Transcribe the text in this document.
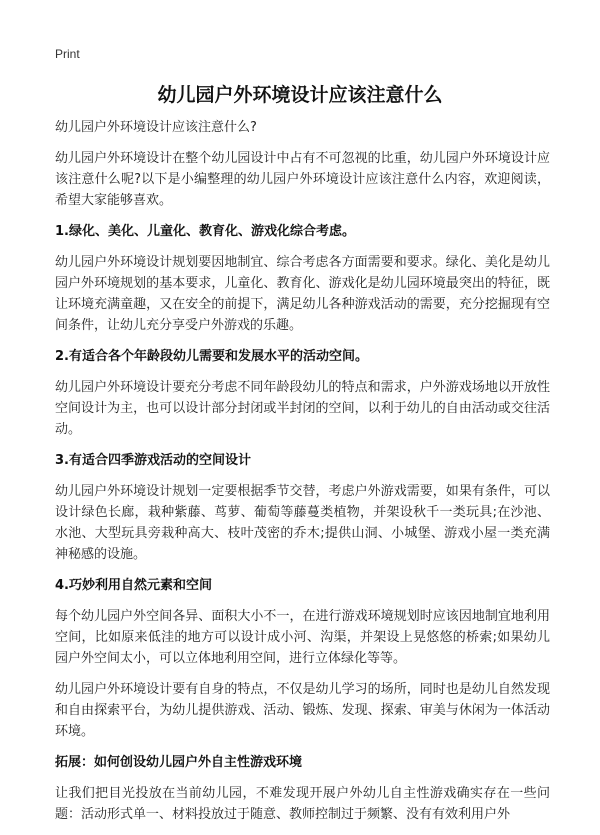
Print
幼儿园户外环境设计应该注意什么

幼儿园户外环境设计应该注意什么?

幼儿园户外环境设计在整个幼儿园设计中占有不可忽视的比重，幼儿园户外环境设计应该注意什么呢?以下是小编整理的幼儿园户外环境设计应该注意什么内容，欢迎阅读，希望大家能够喜欢。

1.绿化、美化、儿童化、教育化、游戏化综合考虑。

幼儿园户外环境设计规划要因地制宜、综合考虑各方面需要和要求。绿化、美化是幼儿园户外环境规划的基本要求，儿童化、教育化、游戏化是幼儿园环境最突出的特征，既让环境充满童趣，又在安全的前提下，满足幼儿各种游戏活动的需要，充分挖掘现有空间条件，让幼儿充分享受户外游戏的乐趣。

2.有适合各个年龄段幼儿需要和发展水平的活动空间。

幼儿园户外环境设计要充分考虑不同年龄段幼儿的特点和需求，户外游戏场地以开放性空间设计为主，也可以设计部分封闭或半封闭的空间，以利于幼儿的自由活动或交往活动。

3.有适合四季游戏活动的空间设计

幼儿园户外环境设计规划一定要根据季节交替，考虑户外游戏需要，如果有条件，可以设计绿色长廊，栽种紫藤、茑萝、葡萄等藤蔓类植物，并架设秋千一类玩具;在沙池、水池、大型玩具旁栽种高大、枝叶茂密的乔木;提供山洞、小城堡、游戏小屋一类充满神秘感的设施。

4.巧妙利用自然元素和空间

每个幼儿园户外空间各异、面积大小不一，在进行游戏环境规划时应该因地制宜地利用空间，比如原来低洼的地方可以设计成小河、沟渠，并架设上晃悠悠的桥索;如果幼儿园户外空间太小，可以立体地利用空间，进行立体绿化等等。

幼儿园户外环境设计要有自身的特点，不仅是幼儿学习的场所，同时也是幼儿自然发现和自由探索平台，为幼儿提供游戏、活动、锻炼、发现、探索、审美与休闲为一体活动环境。

拓展：如何创设幼儿园户外自主性游戏环境

让我们把目光投放在当前幼儿园，不难发现开展户外幼儿自主性游戏确实存在一些问题：活动形式单一、材料投放过于随意、教师控制过于频繁、没有有效利用户外
